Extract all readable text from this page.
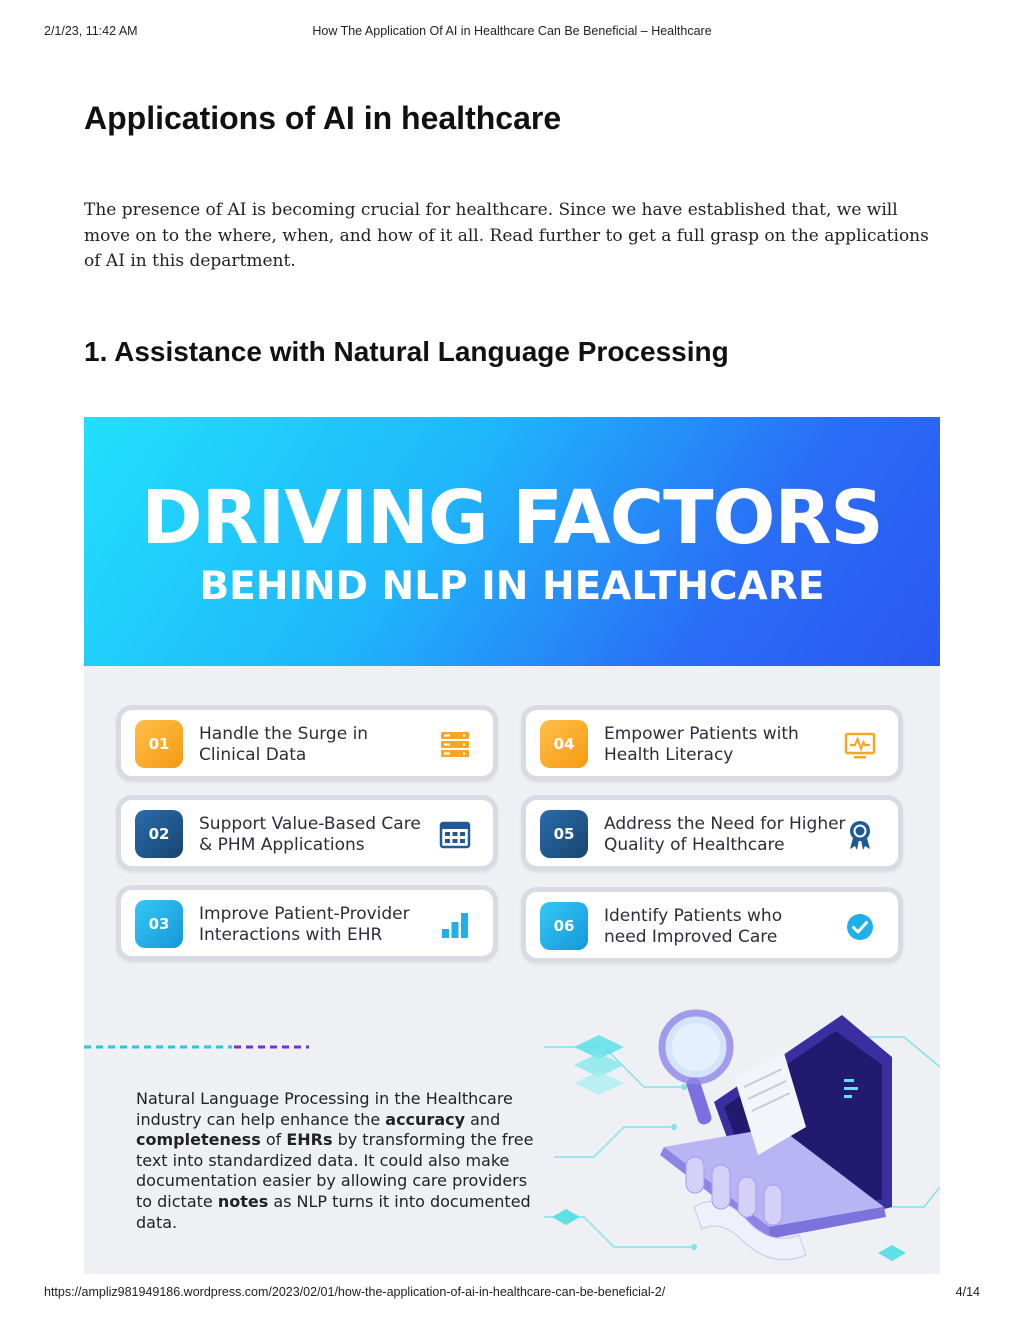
2/1/23, 11:42 AM	How The Application Of AI in Healthcare Can Be Beneficial – Healthcare
Applications of AI in healthcare

The presence of AI is becoming crucial for healthcare. Since we have established that, we will move on to the where, when, and how of it all. Read further to get a full grasp on the applications of AI in this department.

1. Assistance with Natural Language Processing
DRIVING FACTORS
BEHIND NLP IN HEALTHCARE
01	Handle the Surge in
Clinical Data
02	Support Value-Based Care
& PHM Applications
03	Improve Patient-Provider
Interactions with EHR
04	Empower Patients with
Health Literacy
05	Address the Need for Higher
Quality of Healthcare
06	Identify Patients who
need Improved Care
Natural Language Processing in the Healthcare industry can help enhance the accuracy and completeness of EHRs by transforming the free text into standardized data. It could also make documentation easier by allowing care providers to dictate notes as NLP turns it into documented data.
https://ampliz981949186.wordpress.com/2023/02/01/how-the-application-of-ai-in-healthcare-can-be-beneficial-2/	4/14
